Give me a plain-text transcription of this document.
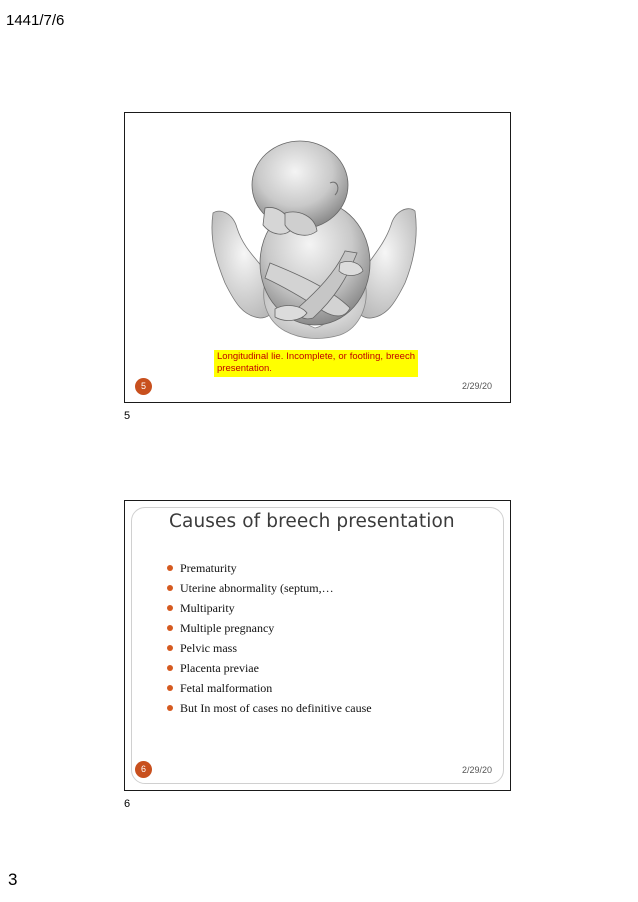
1441/7/6
Longitudinal lie. Incomplete, or footling, breech presentation.
5	2/29/20
5
Causes of breech presentation
Prematurity
Uterine abnormality (septum,…
Multiparity
Multiple pregnancy
Pelvic mass
Placenta previae
Fetal malformation
But In most of cases no definitive cause
6	2/29/20
6
3
